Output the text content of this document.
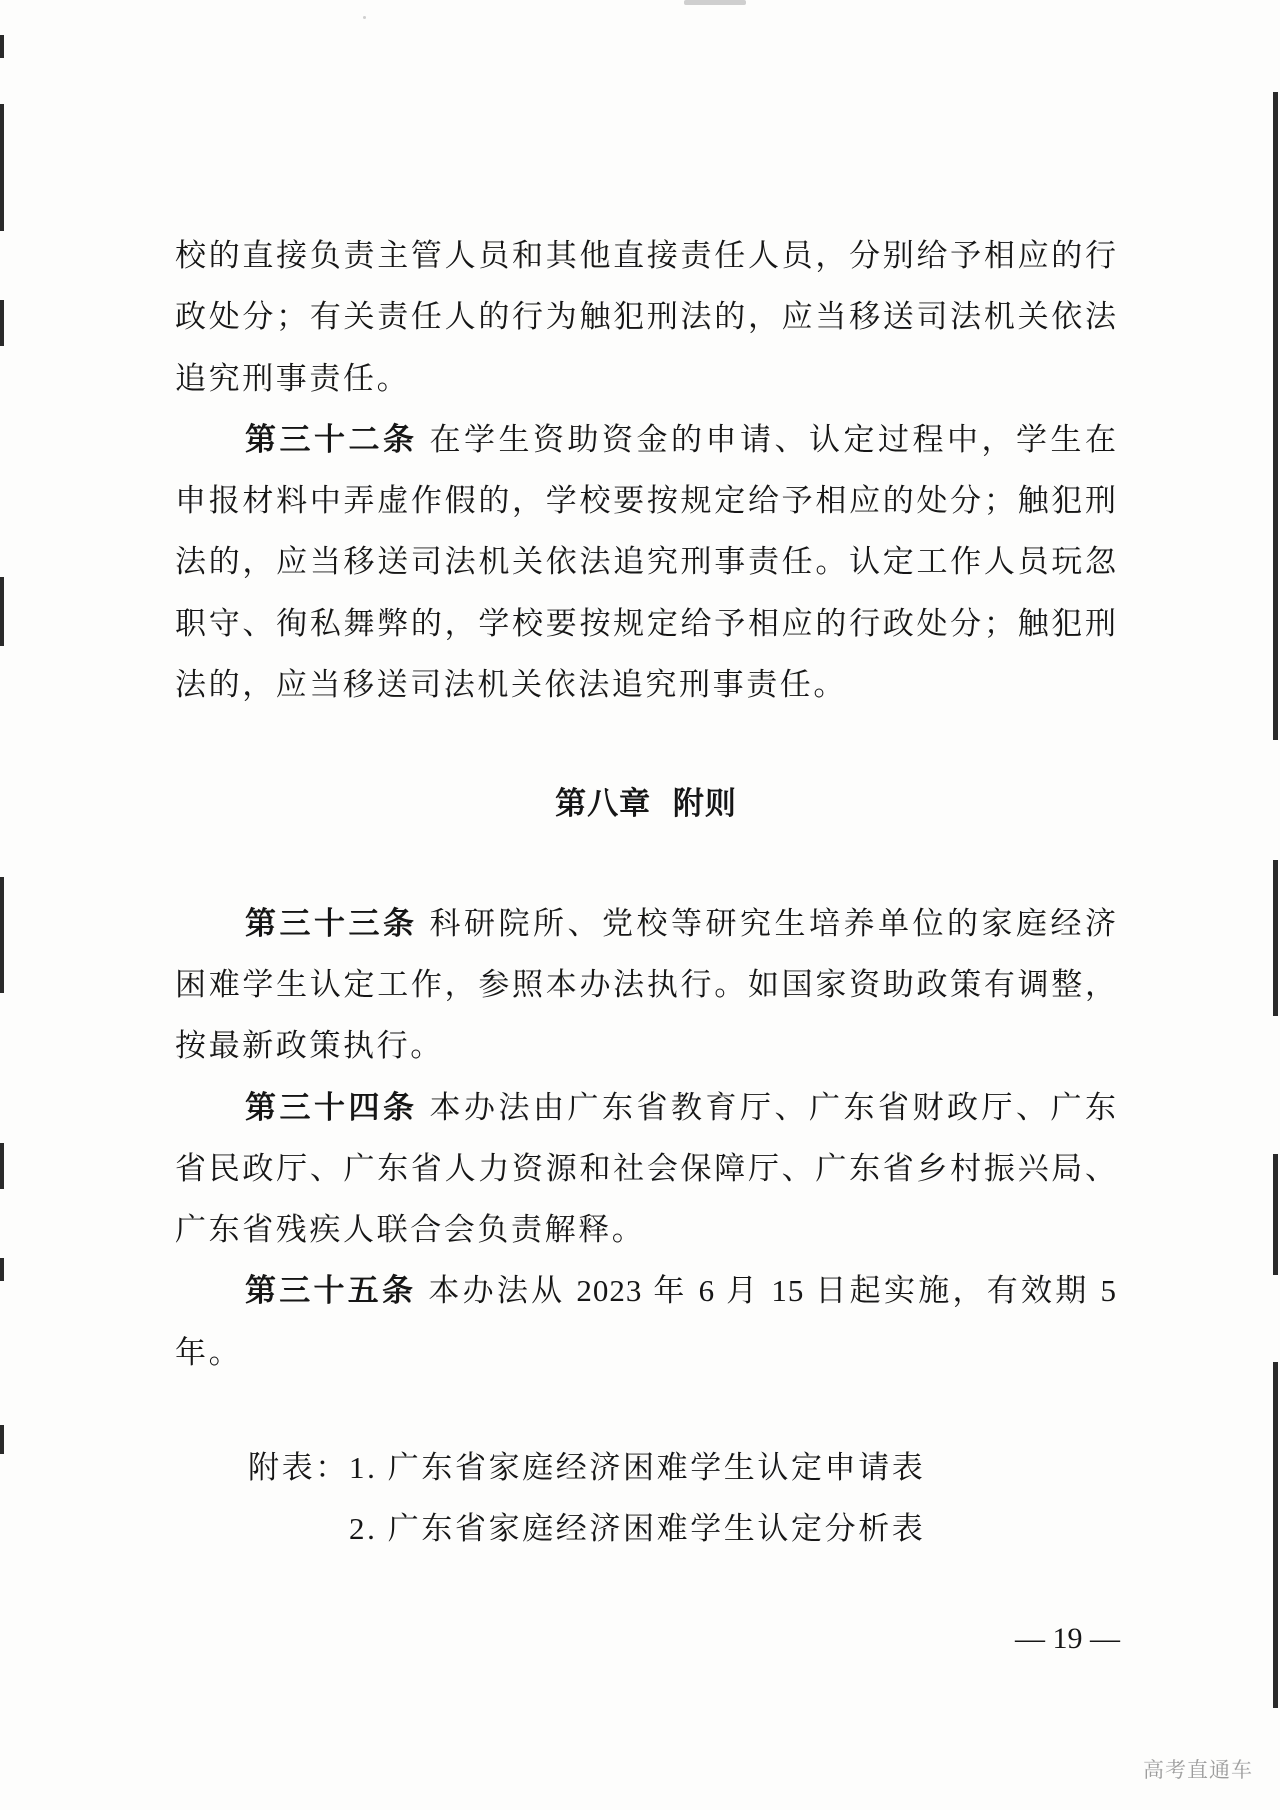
校的直接负责主管人员和其他直接责任人员，分别给予相应的行
政处分；有关责任人的行为触犯刑法的，应当移送司法机关依法
追究刑事责任。
第三十二条 在学生资助资金的申请、认定过程中，学生在
申报材料中弄虚作假的，学校要按规定给予相应的处分；触犯刑
法的，应当移送司法机关依法追究刑事责任。认定工作人员玩忽
职守、徇私舞弊的，学校要按规定给予相应的行政处分；触犯刑
法的，应当移送司法机关依法追究刑事责任。
第八章 附则
第三十三条 科研院所、党校等研究生培养单位的家庭经济
困难学生认定工作，参照本办法执行。如国家资助政策有调整，
按最新政策执行。
第三十四条 本办法由广东省教育厅、广东省财政厅、广东
省民政厅、广东省人力资源和社会保障厅、广东省乡村振兴局、
广东省残疾人联合会负责解释。
第三十五条 本办法从 2023 年 6 月 15 日起实施，有效期 5
年。
附表： 1. 广东省家庭经济困难学生认定申请表
2. 广东省家庭经济困难学生认定分析表
— 19 —
高考直通车
